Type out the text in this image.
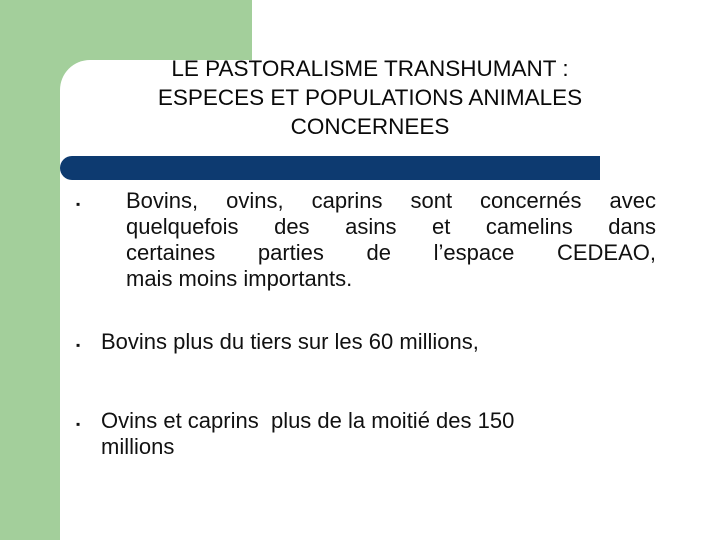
LE PASTORALISME TRANSHUMANT :
ESPECES ET POPULATIONS ANIMALES
CONCERNEES
▪ Bovins, ovins, caprins sont concernés avec
quelquefois des asins et camelins dans
certaines parties de l’espace CEDEAO,
mais moins importants.

▪ Bovins plus du tiers sur les 60 millions,

▪ Ovins et caprins  plus de la moitié des 150
millions
